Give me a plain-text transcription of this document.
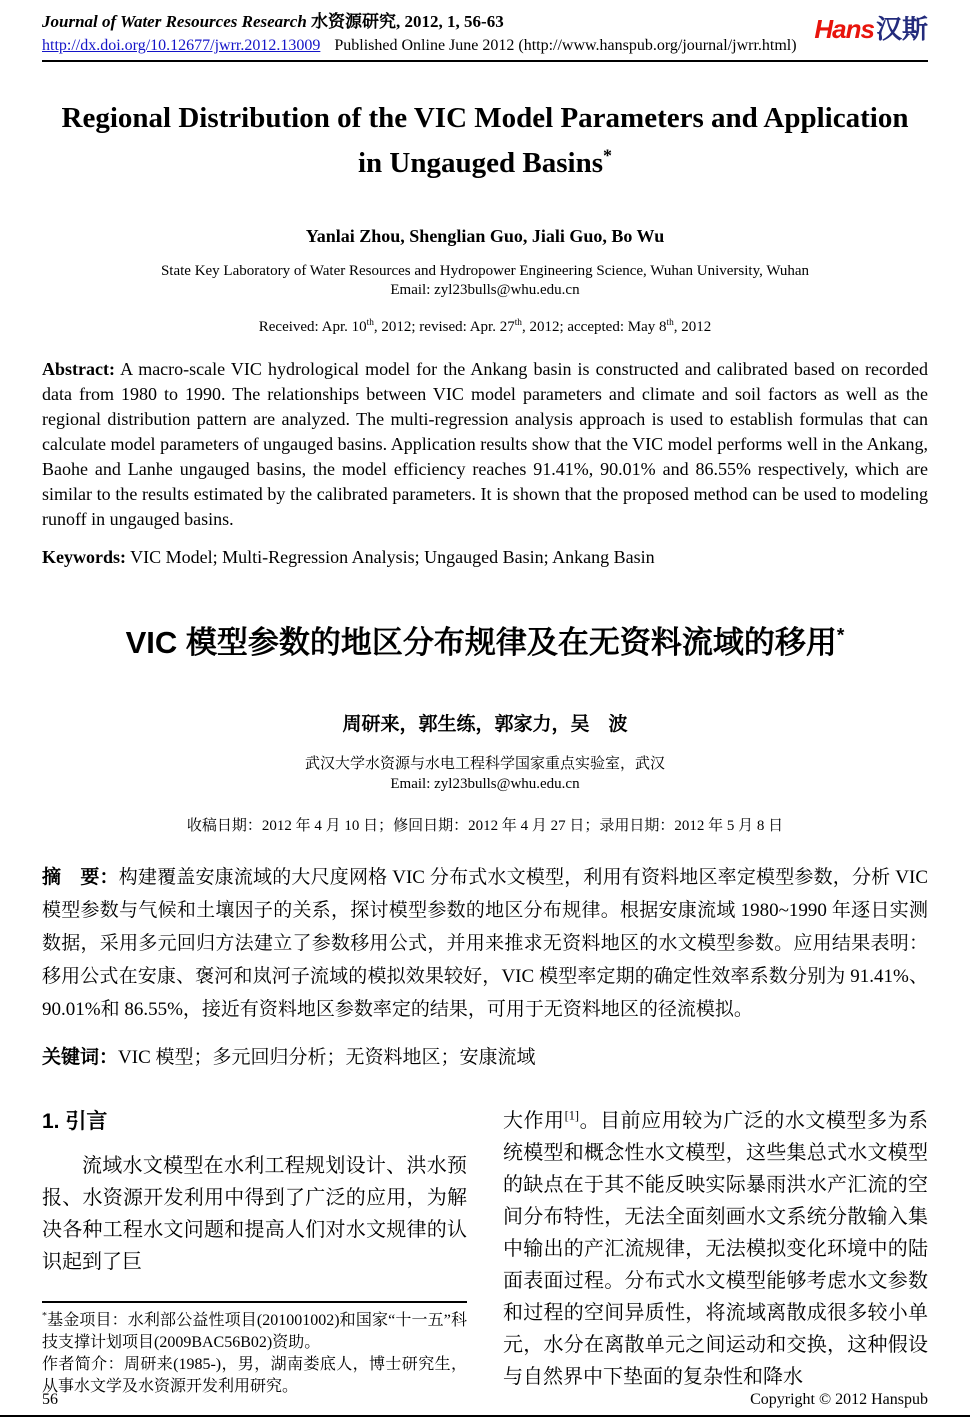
Journal of Water Resources Research 水资源研究, 2012, 1, 56-63
http://dx.doi.org/10.12677/jwrr.2012.13009 Published Online June 2012 (http://www.hanspub.org/journal/jwrr.html)
Hans汉斯
Regional Distribution of the VIC Model Parameters and Application in Ungauged Basins*
Yanlai Zhou, Shenglian Guo, Jiali Guo, Bo Wu
State Key Laboratory of Water Resources and Hydropower Engineering Science, Wuhan University, Wuhan
Email: zyl23bulls@whu.edu.cn
Received: Apr. 10th, 2012; revised: Apr. 27th, 2012; accepted: May 8th, 2012

Abstract: A macro-scale VIC hydrological model for the Ankang basin is constructed and calibrated based on recorded data from 1980 to 1990. The relationships between VIC model parameters and climate and soil factors as well as the regional distribution pattern are analyzed. The multi-regression analysis approach is used to establish formulas that can calculate model parameters of ungauged basins. Application results show that the VIC model performs well in the Ankang, Baohe and Lanhe ungauged basins, the model efficiency reaches 91.41%, 90.01% and 86.55% respectively, which are similar to the results estimated by the calibrated parameters. It is shown that the proposed method can be used to modeling runoff in ungauged basins.

Keywords: VIC Model; Multi-Regression Analysis; Ungauged Basin; Ankang Basin

VIC 模型参数的地区分布规律及在无资料流域的移用*
周研来，郭生练，郭家力，吴　波
武汉大学水资源与水电工程科学国家重点实验室，武汉
Email: zyl23bulls@whu.edu.cn
收稿日期：2012 年 4 月 10 日；修回日期：2012 年 4 月 27 日；录用日期：2012 年 5 月 8 日

摘　要：构建覆盖安康流域的大尺度网格 VIC 分布式水文模型，利用有资料地区率定模型参数，分析 VIC 模型参数与气候和土壤因子的关系，探讨模型参数的地区分布规律。根据安康流域 1980~1990 年逐日实测数据，采用多元回归方法建立了参数移用公式，并用来推求无资料地区的水文模型参数。应用结果表明：移用公式在安康、褒河和岚河子流域的模拟效果较好，VIC 模型率定期的确定性效率系数分别为 91.41%、90.01%和 86.55%，接近有资料地区参数率定的结果，可用于无资料地区的径流模拟。

关键词：VIC 模型；多元回归分析；无资料地区；安康流域

1. 引言

流域水文模型在水利工程规划设计、洪水预报、水资源开发利用中得到了广泛的应用，为解决各种工程水文问题和提高人们对水文规律的认识起到了巨

*基金项目：水利部公益性项目(201001002)和国家“十一五”科技支撑计划项目(2009BAC56B02)资助。

作者简介：周研来(1985-)，男，湖南娄底人，博士研究生，从事水文学及水资源开发利用研究。

大作用[1]。目前应用较为广泛的水文模型多为系统模型和概念性水文模型，这些集总式水文模型的缺点在于其不能反映实际暴雨洪水产汇流的空间分布特性，无法全面刻画水文系统分散输入集中输出的产汇流规律，无法模拟变化环境中的陆面表面过程。分布式水文模型能够考虑水文参数和过程的空间异质性，将流域离散成很多较小单元，水分在离散单元之间运动和交换，这种假设与自然界中下垫面的复杂性和降水

56	Copyright © 2012 Hanspub
